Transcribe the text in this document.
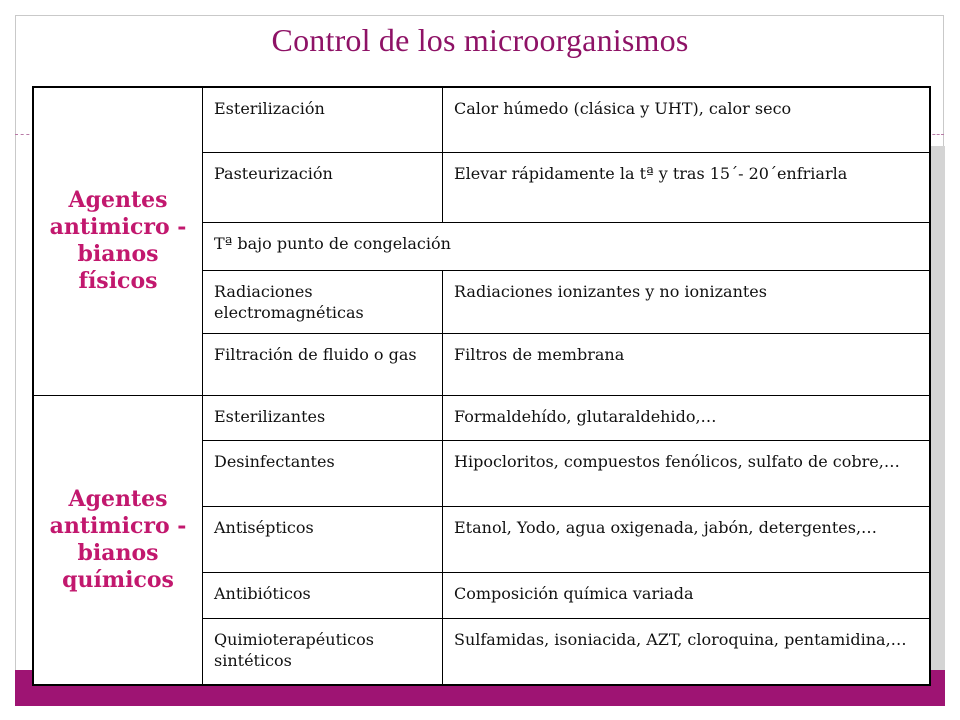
Control de los microorganismos
Agentes antimicro -bianos físicos	Esterilización	Calor húmedo (clásica y UHT), calor seco
	Pasteurización	Elevar rápidamente la tª y tras 15´- 20´enfriarla
	Tª bajo punto de congelación	
	Radiaciones electromagnéticas	Radiaciones ionizantes y no ionizantes
	Filtración de fluido o gas	Filtros de membrana
Agentes antimicro -bianos químicos	Esterilizantes	Formaldehído, glutaraldehido,…
	Desinfectantes	Hipocloritos, compuestos fenólicos, sulfato de cobre,…
	Antisépticos	Etanol, Yodo, agua oxigenada, jabón, detergentes,…
	Antibióticos	Composición química variada
	Quimioterapéuticos sintéticos	Sulfamidas, isoniacida, AZT, cloroquina, pentamidina,…
